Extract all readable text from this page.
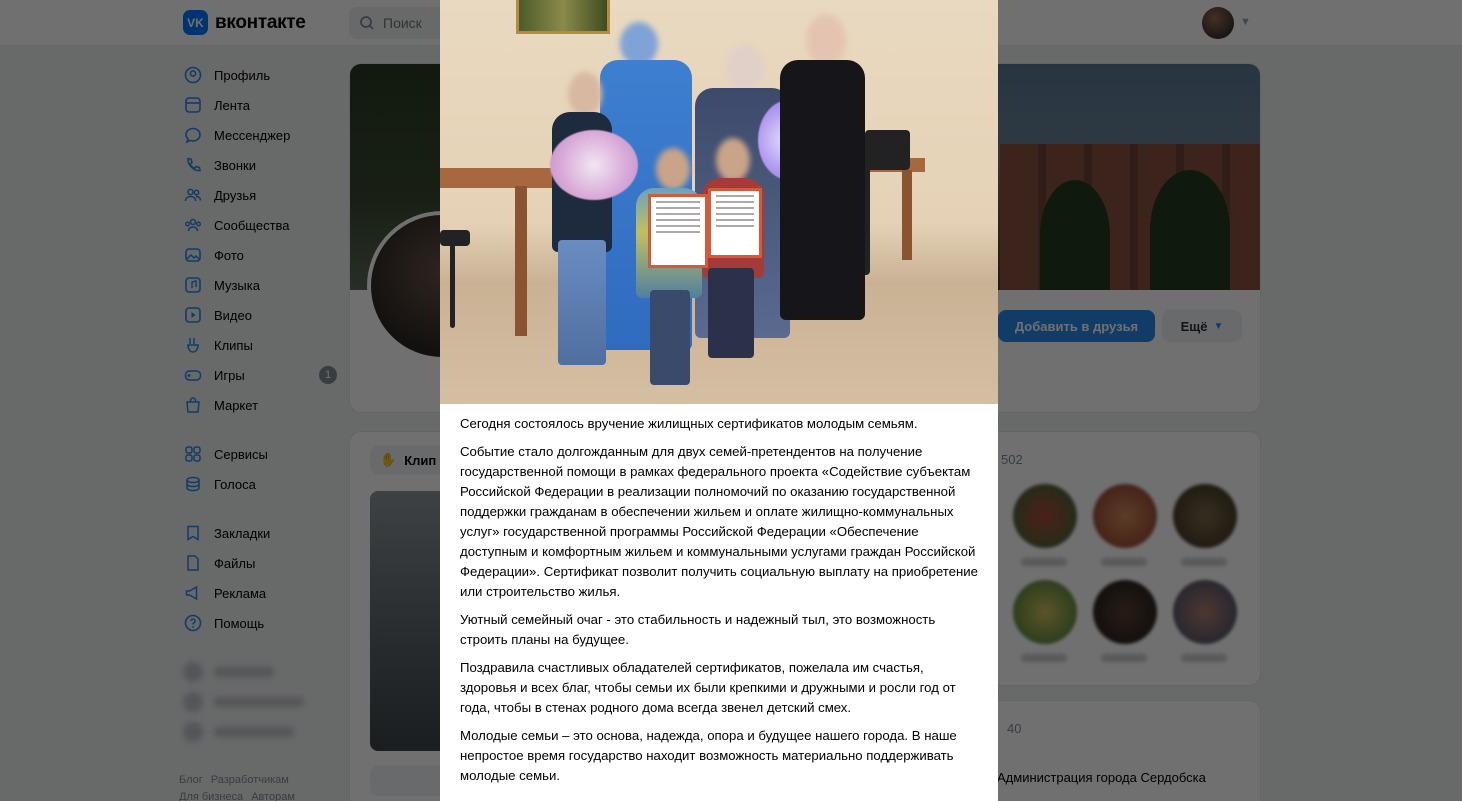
Поиск

Сегодня состоялось вручение жилищных сертификатов молодым семьям.

Событие стало долгожданным для двух семей-претендентов на получение государственной помощи в рамках федерального проекта «Содействие субъектам Российской Федерации в реализации полномочий по оказанию государственной поддержки гражданам в обеспечении жильем и оплате жилищно-коммунальных услуг» государственной программы Российской Федерации «Обеспечение доступным и комфортным жильем и коммунальными услугами граждан Российской Федерации». Сертификат позволит получить социальную выплату на приобретение или строительство жилья.

Уютный семейный очаг - это стабильность и надежный тыл, это возможность строить планы на будущее.

Поздравила счастливых обладателей сертификатов, пожелала им счастья, здоровья и всех благ, чтобы семьи их были крепкими и дружными и росли год от года, чтобы в стенах родного дома всегда звенел детский смех.

Молодые семьи – это основа, надежда, опора и будущее нашего города. В наше непростое время государство находит возможность материально поддерживать молодые семьи.
